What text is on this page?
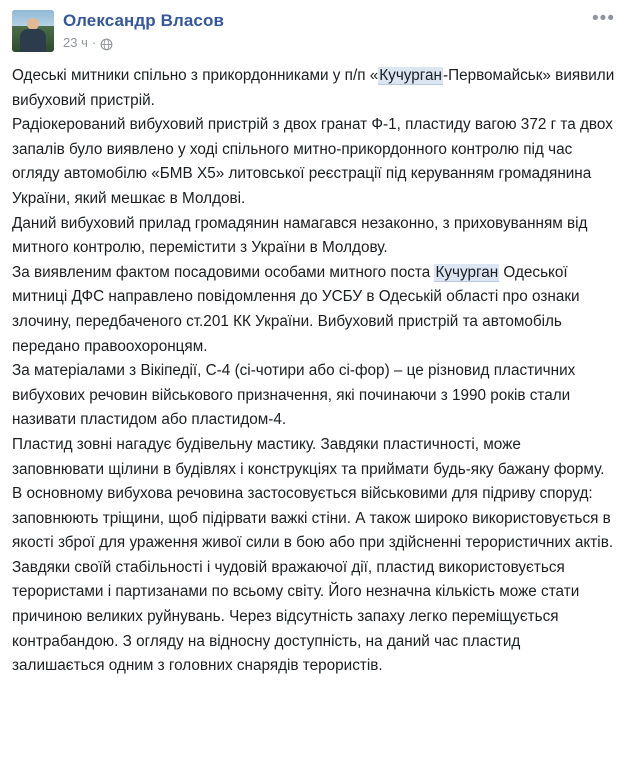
Олександр Власов
23 ч ·
•••

Одеські митники спільно з прикордонниками у п/п «Кучурган-Первомайськ» виявили вибуховий пристрій.

Радіокерований вибуховий пристрій з двох гранат Ф-1, пластиду вагою 372 г та двох запалів було виявлено у ході спільного митно-прикордонного контролю під час огляду автомобілю «БМВ Х5» литовської реєстрації під керуванням громадянина України, який мешкає в Молдові.

Даний вибуховий прилад громадянин намагався незаконно, з приховуванням від митного контролю, перемістити з України в Молдову.

За виявленим фактом посадовими особами митного поста Кучурган Одеської митниці ДФС направлено повідомлення до УСБУ в Одеській області про ознаки злочину, передбаченого ст.201 КК України. Вибуховий пристрій та автомобіль передано правоохоронцям.

За матеріалами з Вікіпедії, С-4 (сі-чотири або сі-фор) – це різновид пластичних вибухових речовин військового призначення, які починаючи з 1990 років стали називати пластидом або пластидом-4.

Пластид зовні нагадує будівельну мастику. Завдяки пластичності, може заповнювати щілини в будівлях і конструкціях та приймати будь-яку бажану форму.

В основному вибухова речовина застосовується військовими для підриву споруд: заповнюють тріщини, щоб підірвати важкі стіни. А також широко використовується в якості зброї для ураження живої сили в бою або при здійсненні терористичних актів.

Завдяки своїй стабільності і чудовій вражаючої дії, пластид використовується терористами і партизанами по всьому світу. Його незначна кількість може стати причиною великих руйнувань. Через відсутність запаху легко переміщується контрабандою. З огляду на відносну доступність, на даний час пластид залишається одним з головних снарядів терористів.
